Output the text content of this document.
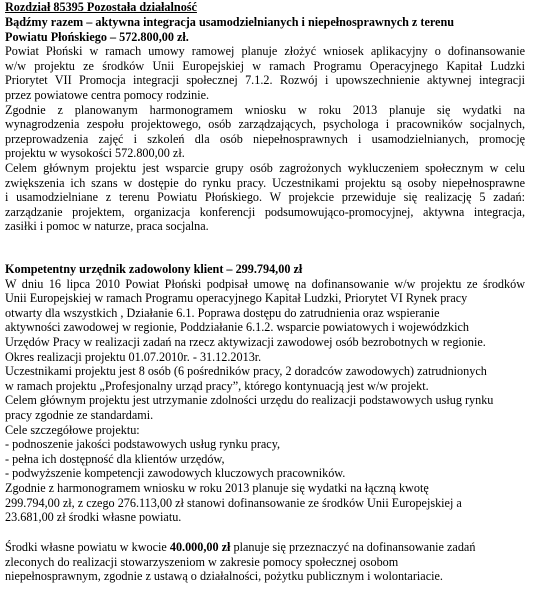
Rozdział 85395 Pozostała działalność
Bądźmy razem – aktywna integracja usamodzielnianych i niepełnosprawnych z terenu
Powiatu Płońskiego – 572.800,00 zł.
Powiat Płoński w ramach umowy ramowej planuje złożyć wniosek aplikacyjny o dofinansowanie
w/w projektu ze środków Unii Europejskiej w ramach Programu Operacyjnego Kapitał Ludzki
Priorytet VII Promocja integracji społecznej 7.1.2. Rozwój i upowszechnienie aktywnej integracji
przez powiatowe centra pomocy rodzinie.
Zgodnie z planowanym harmonogramem wniosku w roku 2013 planuje się wydatki na
wynagrodzenia zespołu projektowego, osób zarządzających, psychologa i pracowników socjalnych,
przeprowadzenia zajęć i szkoleń dla osób niepełnosprawnych i usamodzielnianych, promocję
projektu w wysokości 572.800,00 zł.
Celem głównym projektu jest wsparcie grupy osób zagrożonych wykluczeniem społecznym w celu
zwiększenia ich szans w dostępie do rynku pracy. Uczestnikami projektu są osoby niepełnosprawne
i usamodzielniane z terenu Powiatu Płońskiego. W projekcie przewiduje się realizację 5 zadań:
zarządzanie projektem, organizacja konferencji podsumowująco-promocyjnej, aktywna integracja,
zasiłki i pomoc w naturze, praca socjalna.
Kompetentny urzędnik zadowolony klient – 299.794,00 zł
W dniu 16 lipca 2010 Powiat Płoński podpisał umowę na dofinansowanie w/w projektu ze środków
Unii Europejskiej w ramach Programu operacyjnego Kapitał Ludzki, Priorytet VI Rynek pracy
otwarty dla wszystkich , Działanie 6.1. Poprawa dostępu do zatrudnienia oraz wspieranie
aktywności zawodowej w regionie, Poddziałanie 6.1.2. wsparcie powiatowych i wojewódzkich
Urzędów Pracy w realizacji zadań na rzecz aktywizacji zawodowej osób bezrobotnych w regionie.
Okres realizacji projektu 01.07.2010r. - 31.12.2013r.
Uczestnikami projektu jest 8 osób (6 pośredników pracy, 2 doradców zawodowych) zatrudnionych
w ramach projektu „Profesjonalny urząd pracy”, którego kontynuacją jest w/w projekt.
Celem głównym projektu jest utrzymanie zdolności urzędu do realizacji podstawowych usług rynku
pracy zgodnie ze standardami.
Cele szczegółowe projektu:
- podnoszenie jakości podstawowych usług rynku pracy,
- pełna ich dostępność dla klientów urzędów,
- podwyższenie kompetencji zawodowych kluczowych pracowników.
Zgodnie z harmonogramem wniosku w roku 2013 planuje się wydatki na łączną kwotę
299.794,00 zł, z czego 276.113,00 zł stanowi dofinansowanie ze środków Unii Europejskiej a
23.681,00 zł środki własne powiatu.
Środki własne powiatu w kwocie 40.000,00 zł planuje się przeznaczyć na dofinansowanie zadań
zleconych do realizacji stowarzyszeniom w zakresie pomocy społecznej osobom
niepełnosprawnym, zgodnie z ustawą o działalności, pożytku publicznym i wolontariacie.
